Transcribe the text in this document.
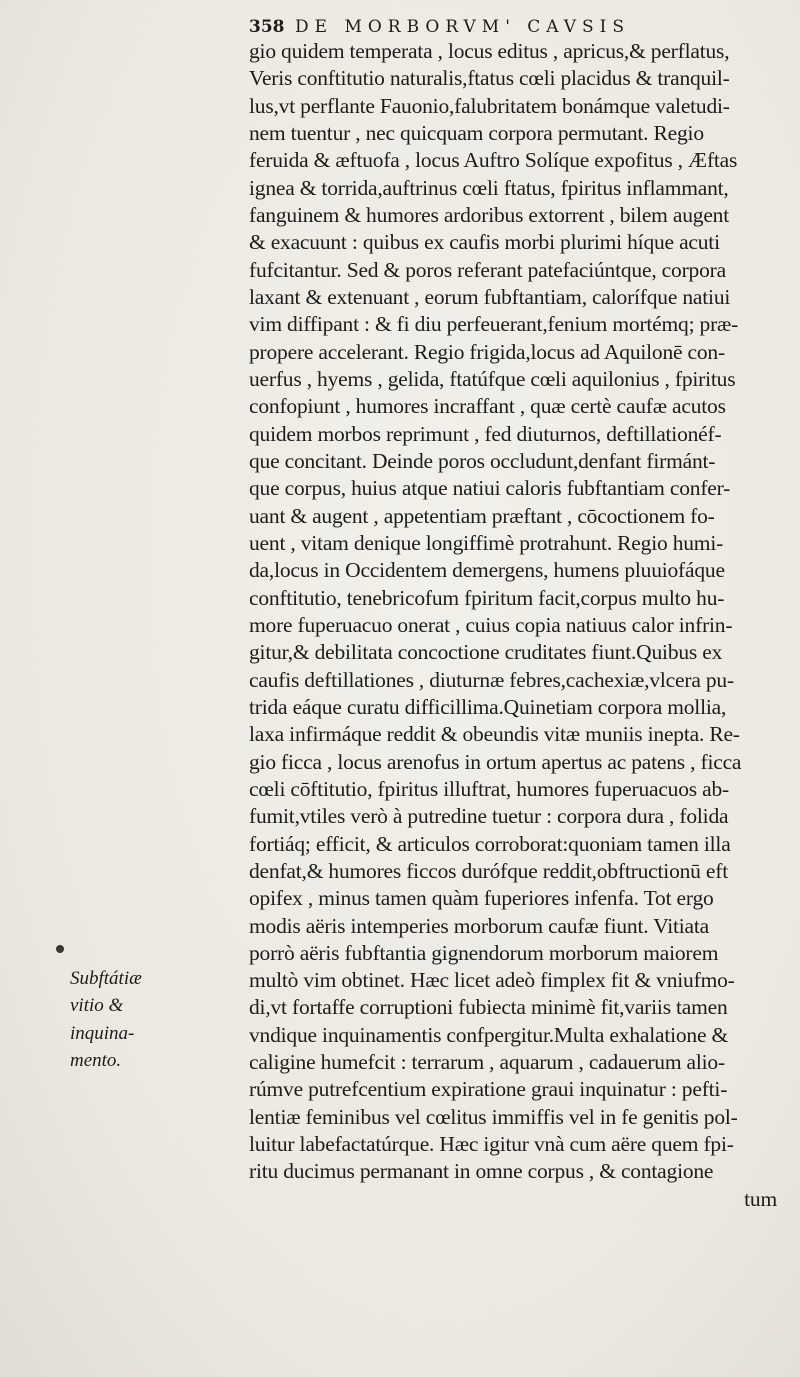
358 DE MORBORVM' CAVSIS
gio quidem temperata , locus editus , apricus,& perflatus,
Veris conftitutio naturalis,ftatus cœli placidus & tranquil-
lus,vt perflante Fauonio,falubritatem bonámque valetudi-
nem tuentur , nec quicquam corpora permutant. Regio
feruida & æftuofa , locus Auftro Solíque expofitus , Æftas
ignea & torrida,auftrinus cœli ftatus, fpiritus inflammant,
fanguinem & humores ardoribus extorrent , bilem augent
& exacuunt : quibus ex caufis morbi plurimi híque acuti
fufcitantur. Sed & poros referant patefaciúntque, corpora
laxant & extenuant , eorum fubftantiam, calorífque natiui
vim diffipant : & fi diu perfeuerant,fenium mortémq; præ-
propere accelerant. Regio frigida,locus ad Aquilonē con-
uerfus , hyems , gelida, ftatúfque cœli aquilonius , fpiritus
confopiunt , humores incraffant , quæ certè caufæ acutos
quidem morbos reprimunt , fed diuturnos, deftillationéf-
que concitant. Deinde poros occludunt,denfant firmánt-
que corpus, huius atque natiui caloris fubftantiam confer-
uant & augent , appetentiam præftant , cōcoctionem fo-
uent , vitam denique longiffimè protrahunt. Regio humi-
da,locus in Occidentem demergens, humens pluuiofáque
conftitutio, tenebricofum fpiritum facit,corpus multo hu-
more fuperuacuo onerat , cuius copia natiuus calor infrin-
gitur,& debilitata concoctione cruditates fiunt.Quibus ex
caufis deftillationes , diuturnæ febres,cachexiæ,vlcera pu-
trida eáque curatu difficillima.Quinetiam corpora mollia,
laxa infirmáque reddit & obeundis vitæ muniis inepta. Re-
gio ficca , locus arenofus in ortum apertus ac patens , ficca
cœli cōftitutio, fpiritus illuftrat, humores fuperuacuos ab-
fumit,vtiles verò à putredine tuetur : corpora dura , folida
fortiáq; efficit, & articulos corroborat:quoniam tamen illa
denfat,& humores ficcos durófque reddit,obftructionū eft
opifex , minus tamen quàm fuperiores infenfa. Tot ergo
modis aëris intemperies morborum caufæ fiunt. Vitiata
porrò aëris fubftantia gignendorum morborum maiorem
multò vim obtinet. Hæc licet adeò fimplex fit & vniufmo-
di,vt fortaffe corruptioni fubiecta minimè fit,variis tamen
vndique inquinamentis confpergitur.Multa exhalatione &
caligine humefcit : terrarum , aquarum , cadauerum alio-
rúmve putrefcentium expiratione graui inquinatur : pefti-
lentiæ feminibus vel cœlitus immiffis vel in fe genitis pol-
luitur labefactatúrque. Hæc igitur vnà cum aëre quem fpi-
ritu ducimus permanant in omne corpus , & contagione
tum
Subftátiæ
vitio &
inquina-
mento.
